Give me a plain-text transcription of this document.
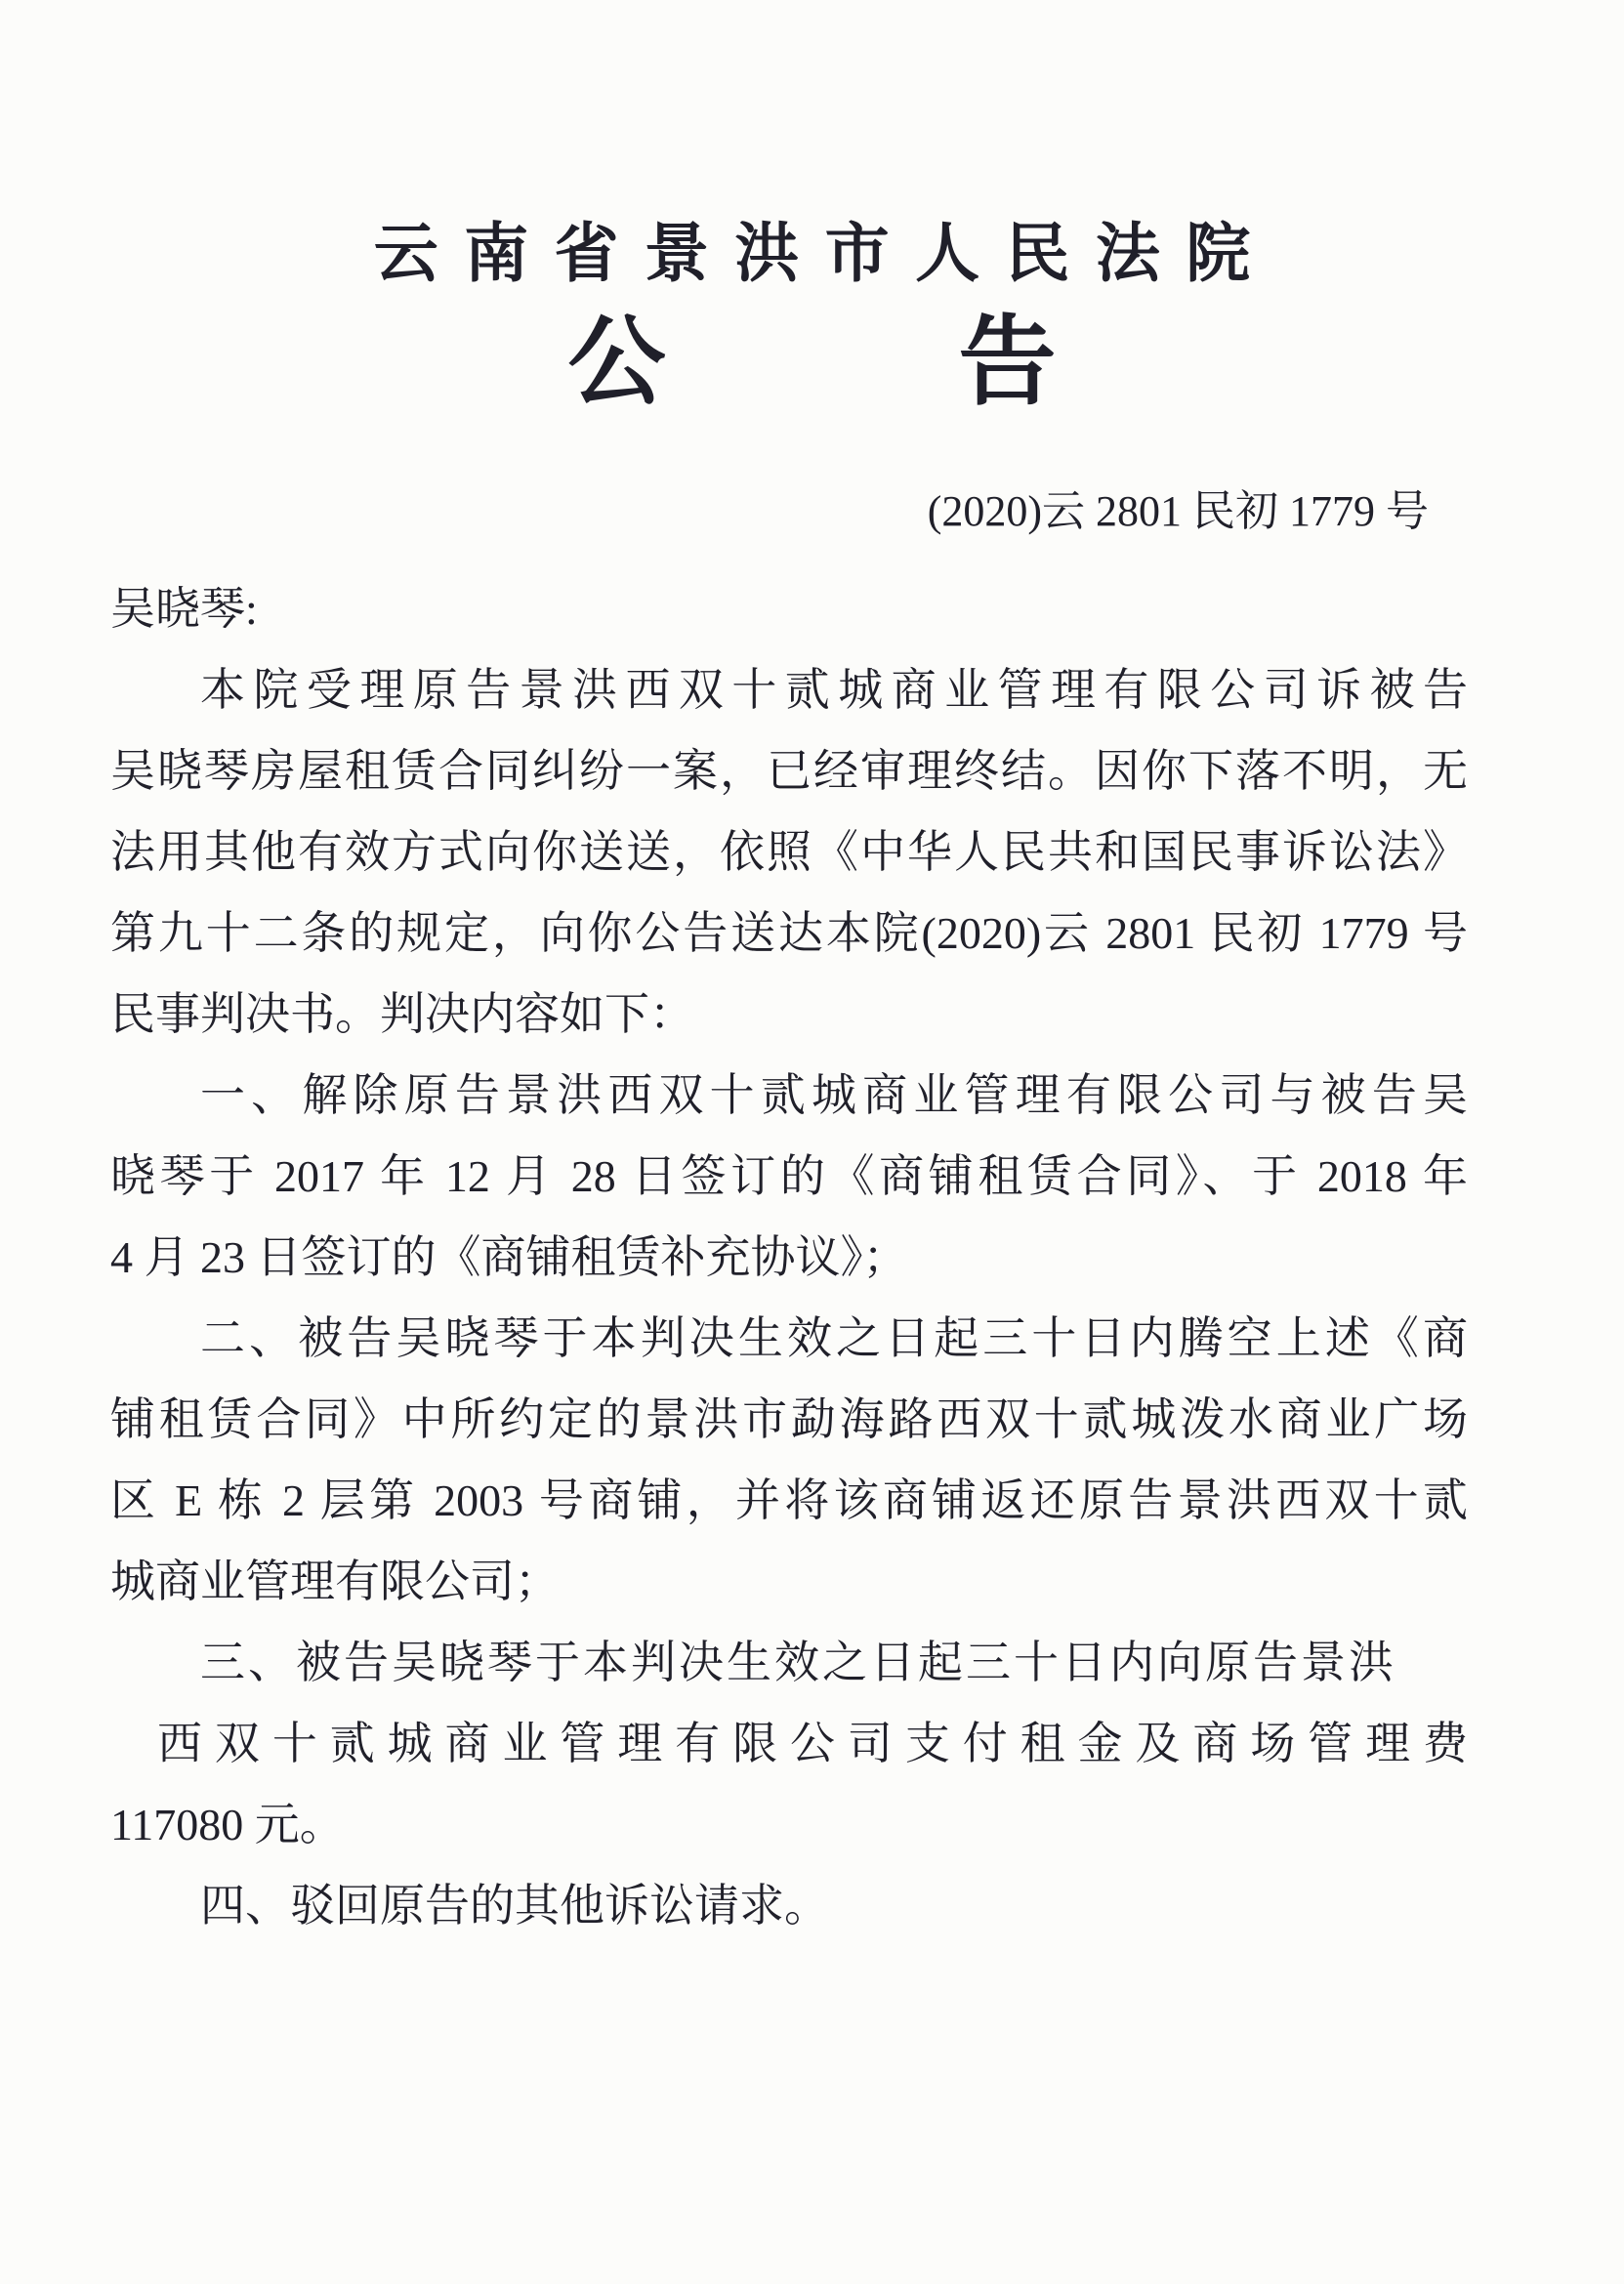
云南省景洪市人民法院
公　　　告
(2020)云 2801 民初 1779 号
吴晓琴:
本院受理原告景洪西双十贰城商业管理有限公司诉被告
吴晓琴房屋租赁合同纠纷一案，已经审理终结。因你下落不明，无
法用其他有效方式向你送送，依照《中华人民共和国民事诉讼法》
第九十二条的规定，向你公告送达本院(2020)云 2801 民初 1779 号
民事判决书。判决内容如下：
一、解除原告景洪西双十贰城商业管理有限公司与被告吴
晓琴于 2017 年 12 月 28 日签订的《商铺租赁合同》、于 2018 年
4 月 23 日签订的《商铺租赁补充协议》；
二、被告吴晓琴于本判决生效之日起三十日内腾空上述《商
铺租赁合同》中所约定的景洪市勐海路西双十贰城泼水商业广场
区 E 栋 2 层第 2003 号商铺，并将该商铺返还原告景洪西双十贰
城商业管理有限公司；
三、被告吴晓琴于本判决生效之日起三十日内向原告景洪
西双十贰城商业管理有限公司支付租金及商场管理费
117080 元。
四、驳回原告的其他诉讼请求。
